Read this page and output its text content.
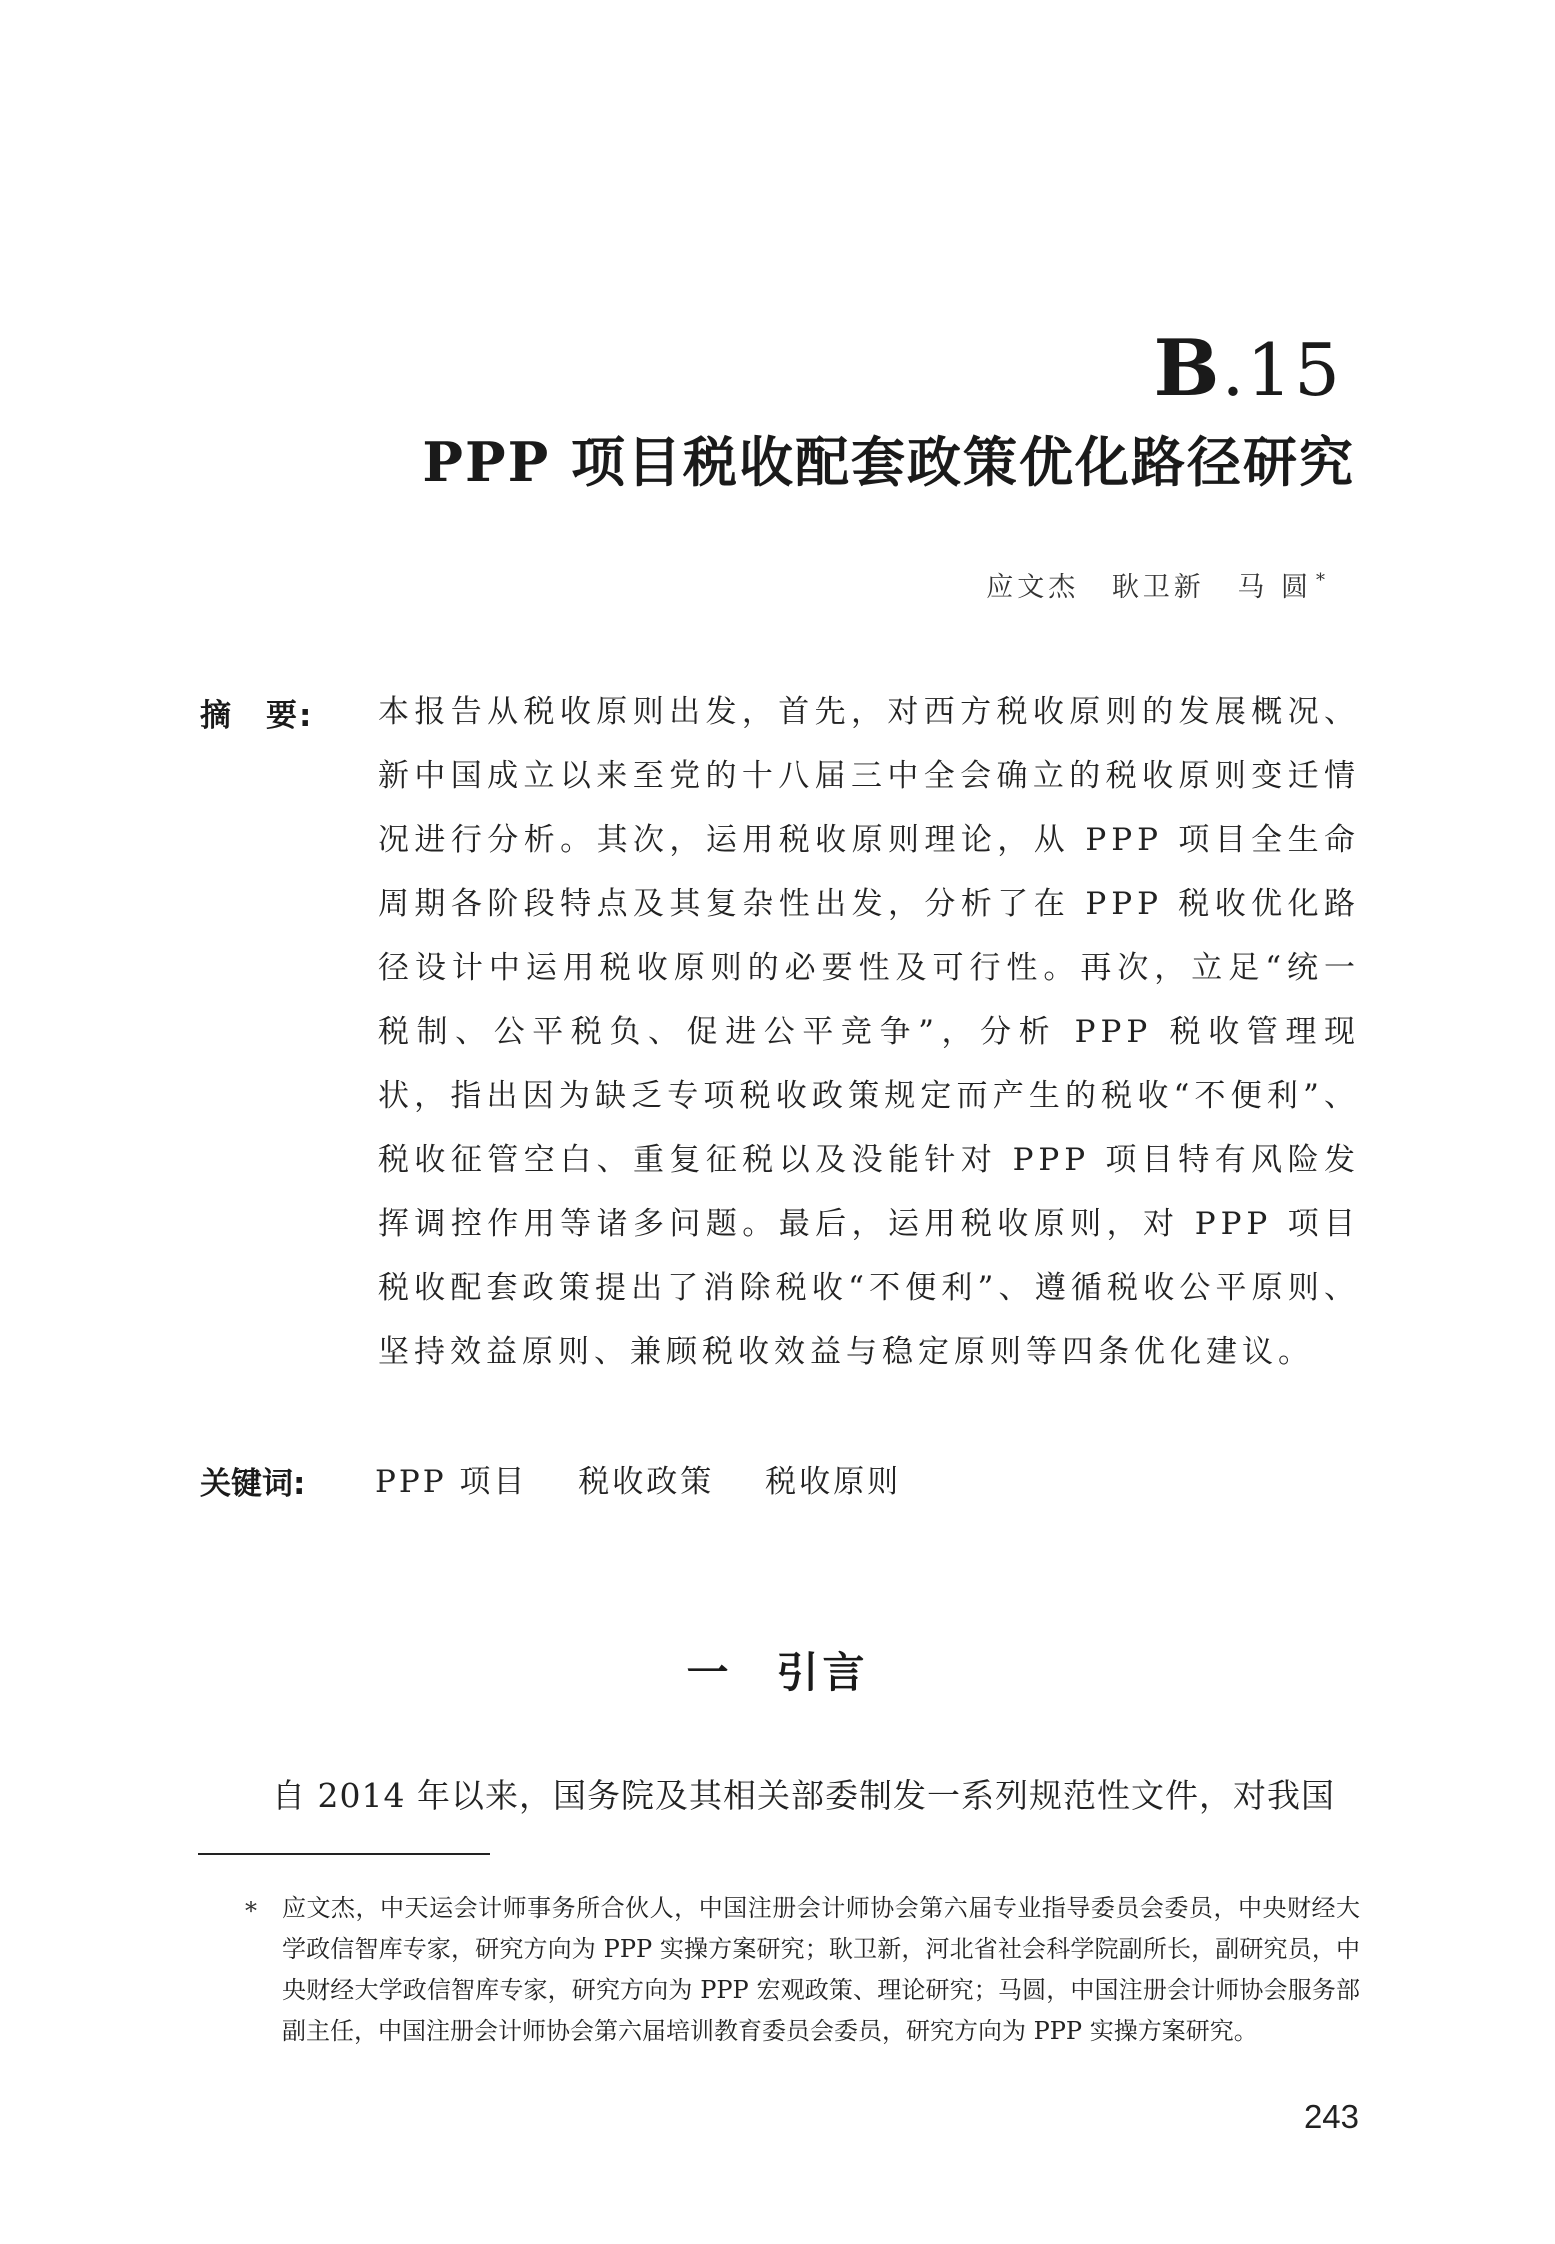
B.15
PPP 项目税收配套政策优化路径研究
应文杰 耿卫新 马 圆 *
摘　要: 本报告从税收原则出发，首先，对西方税收原则的发展概况、新中国成立以来至党的十八届三中全会确立的税收原则变迁情况进行分析。其次，运用税收原则理论，从 PPP 项目全生命周期各阶段特点及其复杂性出发，分析了在 PPP 税收优化路径设计中运用税收原则的必要性及可行性。再次，立足“统一税制、公平税负、促进公平竞争”，分析 PPP 税收管理现状，指出因为缺乏专项税收政策规定而产生的税收“不便利”、税收征管空白、重复征税以及没能针对 PPP 项目特有风险发挥调控作用等诸多问题。最后，运用税收原则，对 PPP 项目税收配套政策提出了消除税收“不便利”、遵循税收公平原则、坚持效益原则、兼顾税收效益与稳定原则等四条优化建议。
关键词: PPP 项目 税收政策 税收原则
一 引言
自 2014 年以来，国务院及其相关部委制发一系列规范性文件，对我国
* 应文杰，中天运会计师事务所合伙人，中国注册会计师协会第六届专业指导委员会委员，中央财经大学政信智库专家，研究方向为 PPP 实操方案研究；耿卫新，河北省社会科学院副所长，副研究员，中央财经大学政信智库专家，研究方向为 PPP 宏观政策、理论研究；马圆，中国注册会计师协会服务部副主任，中国注册会计师协会第六届培训教育委员会委员，研究方向为 PPP 实操方案研究。
243
